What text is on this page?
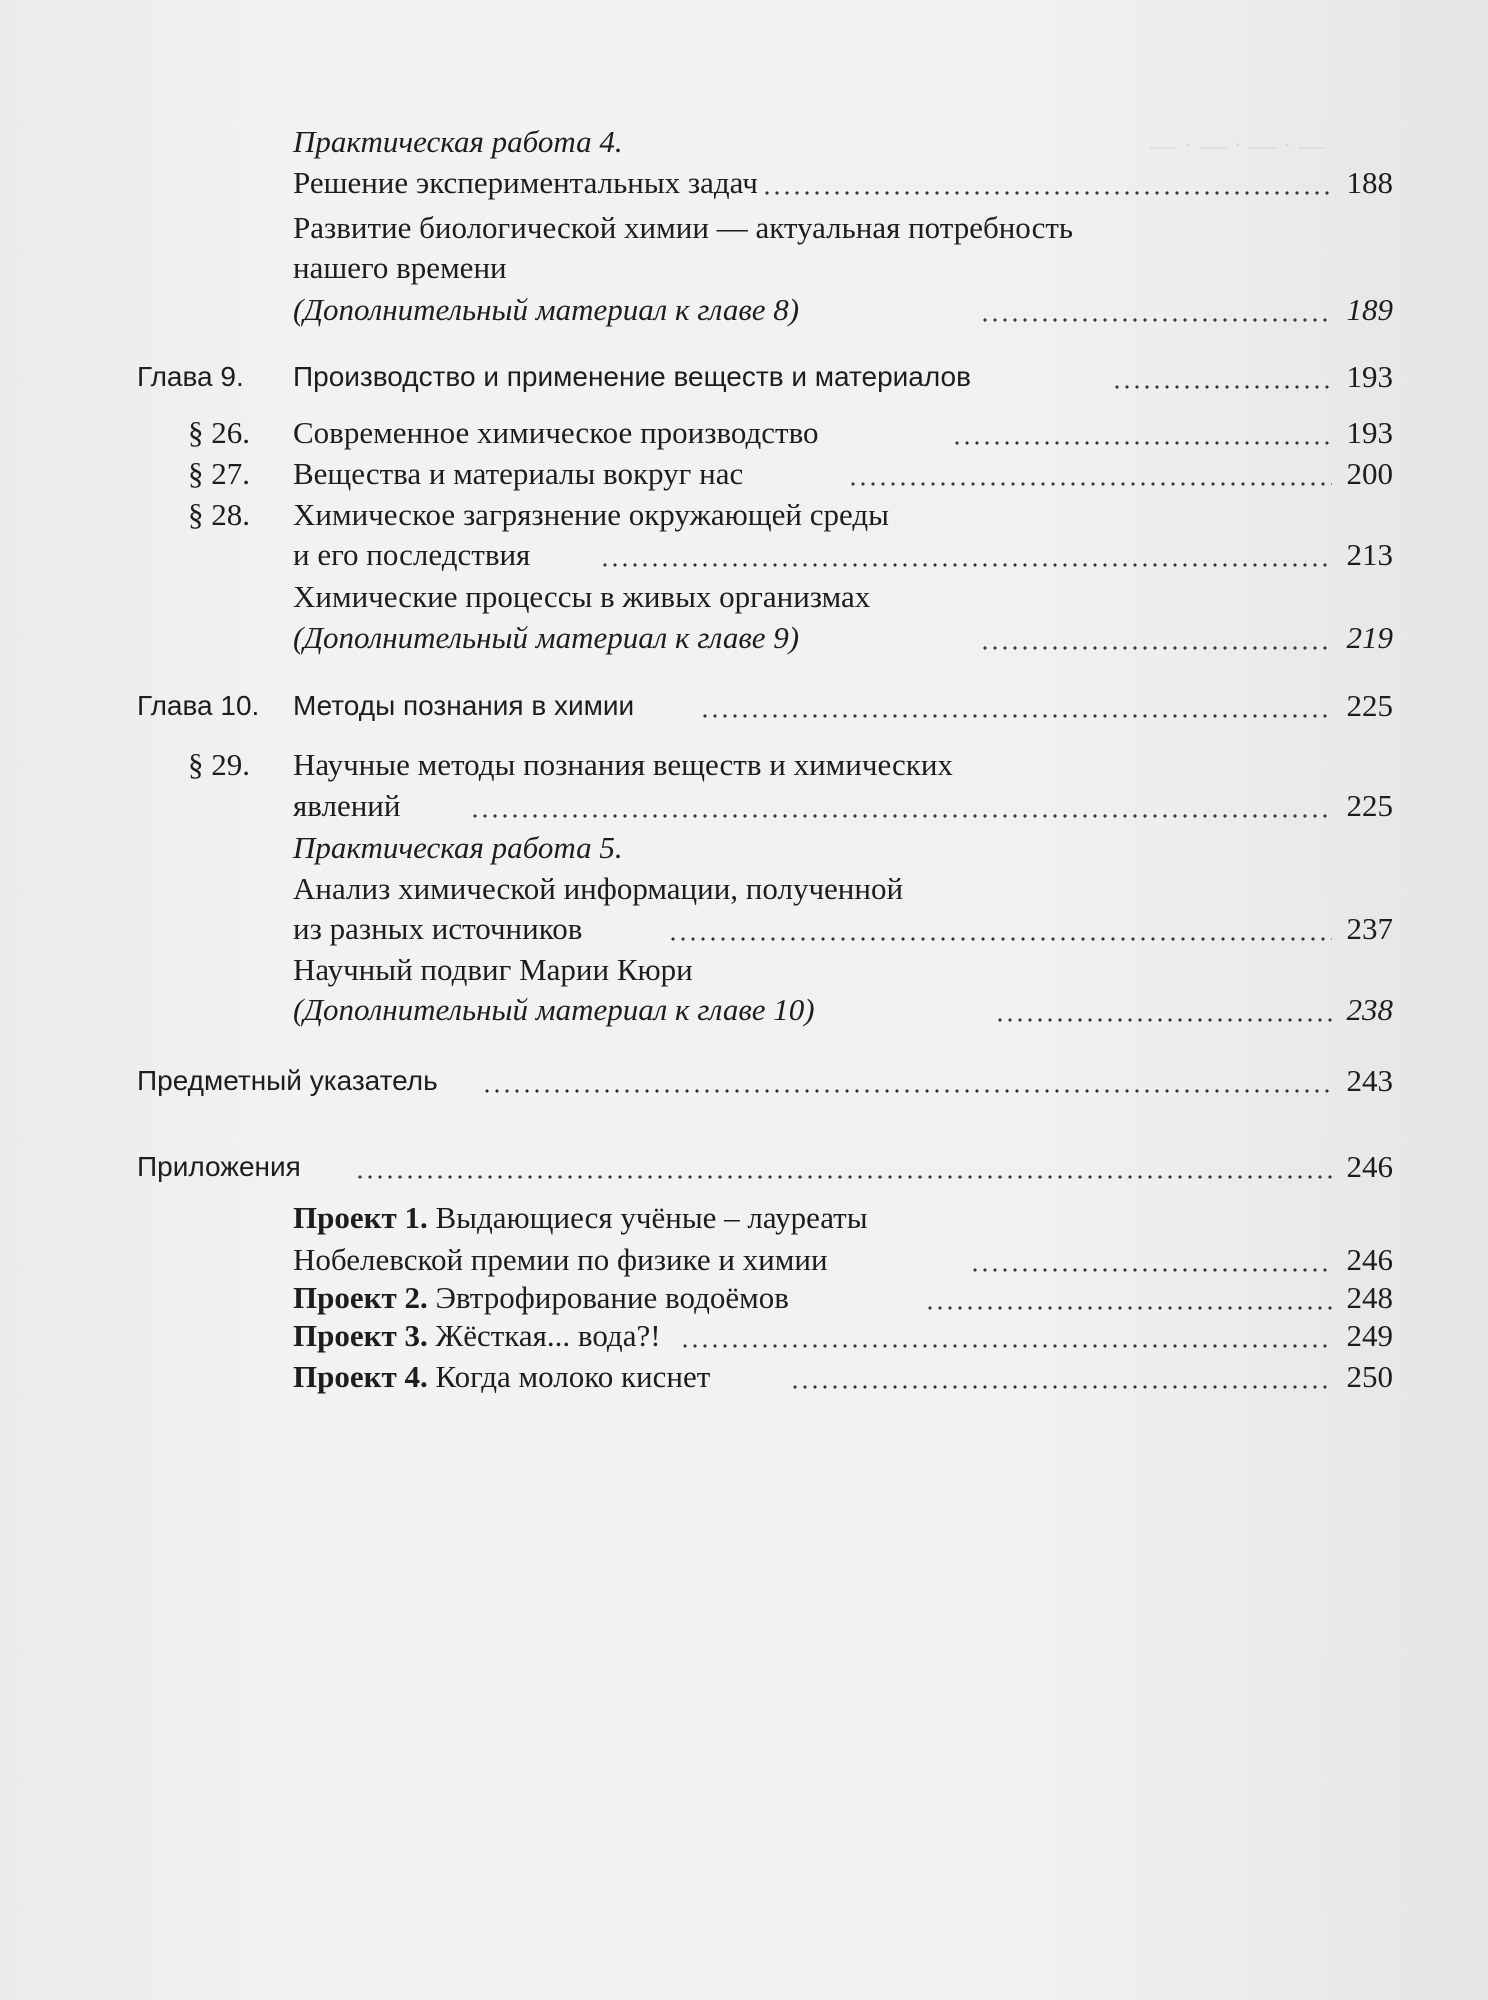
— · — · — · —
Практическая работа 4.
Решение экспериментальных задач	188
Развитие биологической химии — актуальная потребность
нашего времени
(Дополнительный материал к главе 8)	189
Глава 9. Производство и применение веществ и материалов	193
§ 26. Современное химическое производство	193
§ 27. Вещества и материалы вокруг нас	200
§ 28. Химическое загрязнение окружающей среды
и его последствия	213
Химические процессы в живых организмах
(Дополнительный материал к главе 9)	219
Глава 10. Методы познания в химии	225
§ 29. Научные методы познания веществ и химических
явлений	225
Практическая работа 5.
Анализ химической информации, полученной
из разных источников	237
Научный подвиг Марии Кюри
(Дополнительный материал к главе 10)	238
Предметный указатель	243
Приложения	246
Проект 1. Выдающиеся учёные – лауреаты
Нобелевской премии по физике и химии	246
Проект 2. Эвтрофирование водоёмов	248
Проект 3. Жёсткая... вода?!	249
Проект 4. Когда молоко киснет	250
